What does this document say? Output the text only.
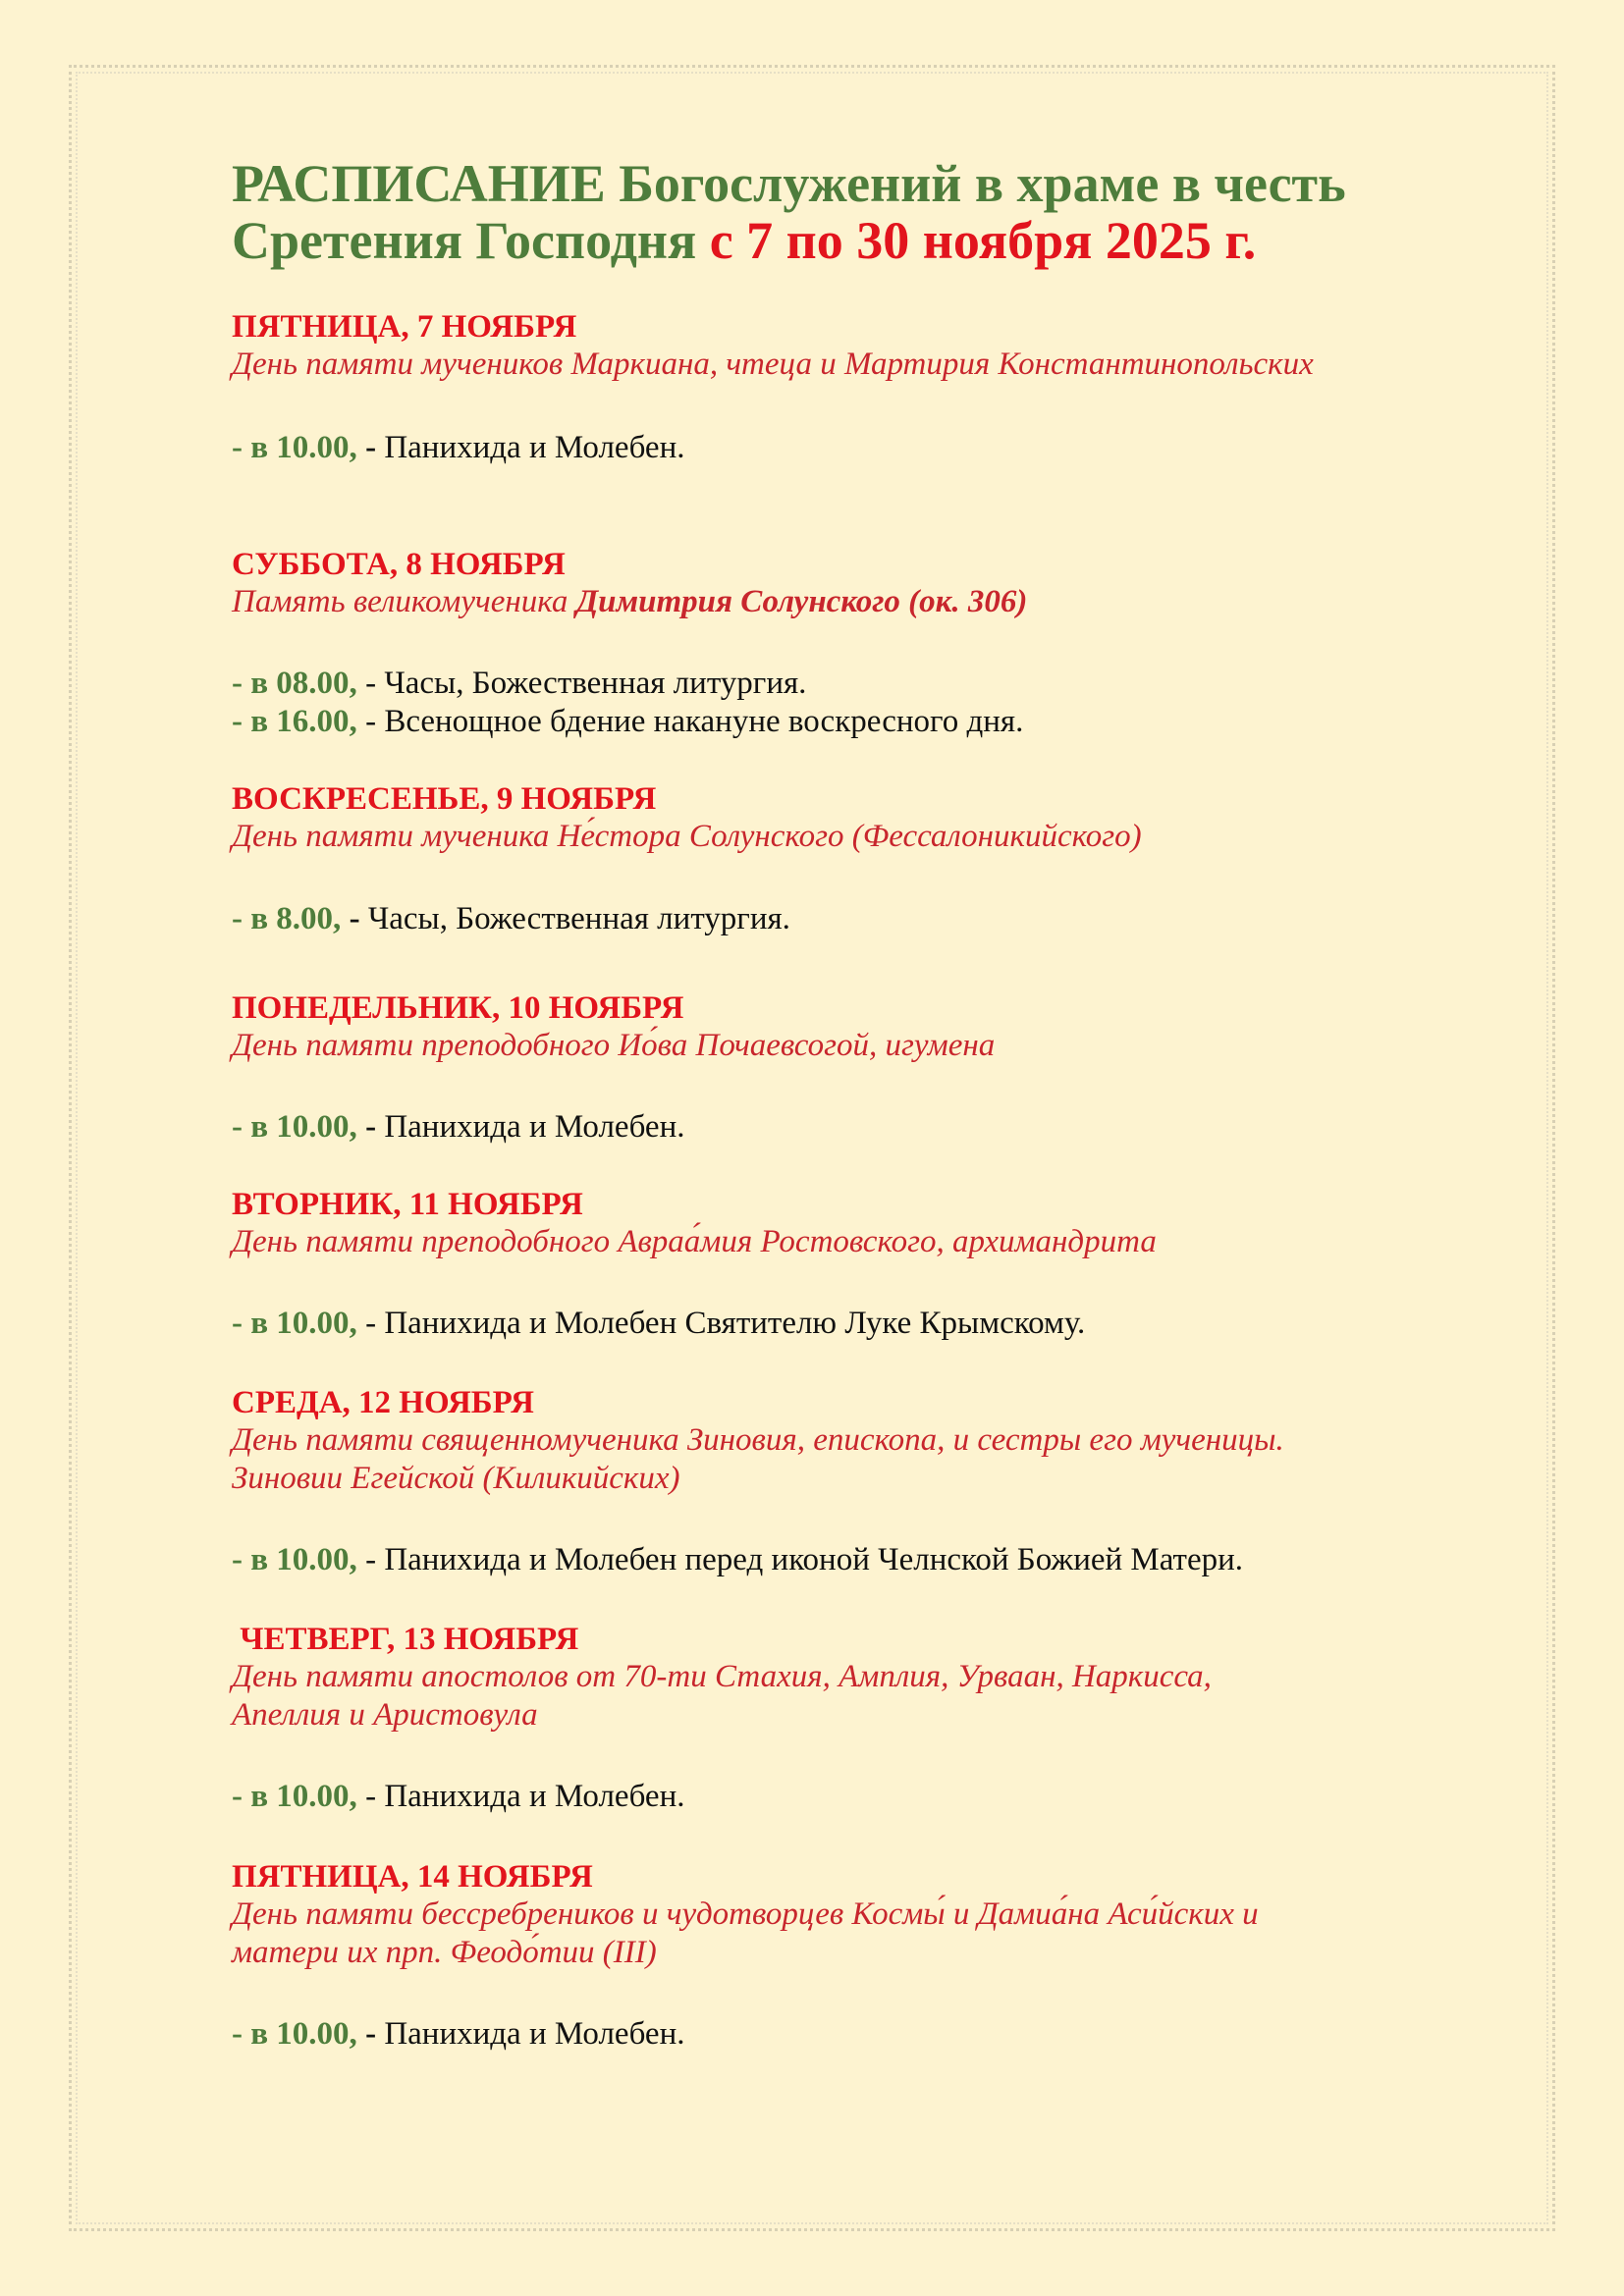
РАСПИСАНИЕ Богослужений в храме в честь
Сретения Господня с 7 по 30 ноября 2025 г.

ПЯТНИЦА, 7 НОЯБРЯ

День памяти мучеников Маркиана, чтеца и Мартирия Константинопольских

- в 10.00, - Панихида и Молебен.

СУББОТА, 8 НОЯБРЯ

Память великомученика Димитрия Солунского (ок. 306)

- в 08.00, - Часы, Божественная литургия.
- в 16.00, - Всенощное бдение накануне воскресного дня.

ВОСКРЕСЕНЬЕ, 9 НОЯБРЯ

День памяти мученика Не́стора Солунского (Фессалоникийского)

- в 8.00, - Часы, Божественная литургия.

ПОНЕДЕЛЬНИК, 10 НОЯБРЯ

День памяти преподобного Ио́ва Почаевсогой, игумена

- в 10.00, - Панихида и Молебен.

ВТОРНИК, 11 НОЯБРЯ

День памяти преподобного Авраа́мия Ростовского, архимандрита

- в 10.00, - Панихида и Молебен Святителю Луке Крымскому.

СРЕДА, 12 НОЯБРЯ

День памяти священномученика Зиновия, епископа, и сестры его мученицы.

Зиновии Егейской (Киликийских)

- в 10.00, - Панихида и Молебен перед иконой Челнской Божией Матери.

ЧЕТВЕРГ, 13 НОЯБРЯ

День памяти апостолов от 70-ти Стахия, Амплия, Урваан, Наркисса,

Апеллия и Аристовула

- в 10.00, - Панихида и Молебен.

ПЯТНИЦА, 14 НОЯБРЯ

День памяти бессребреников и чудотворцев Космы́ и Дамиа́на Аси́йских и

матери их прп. Феодо́тии (III)

- в 10.00, - Панихида и Молебен.
